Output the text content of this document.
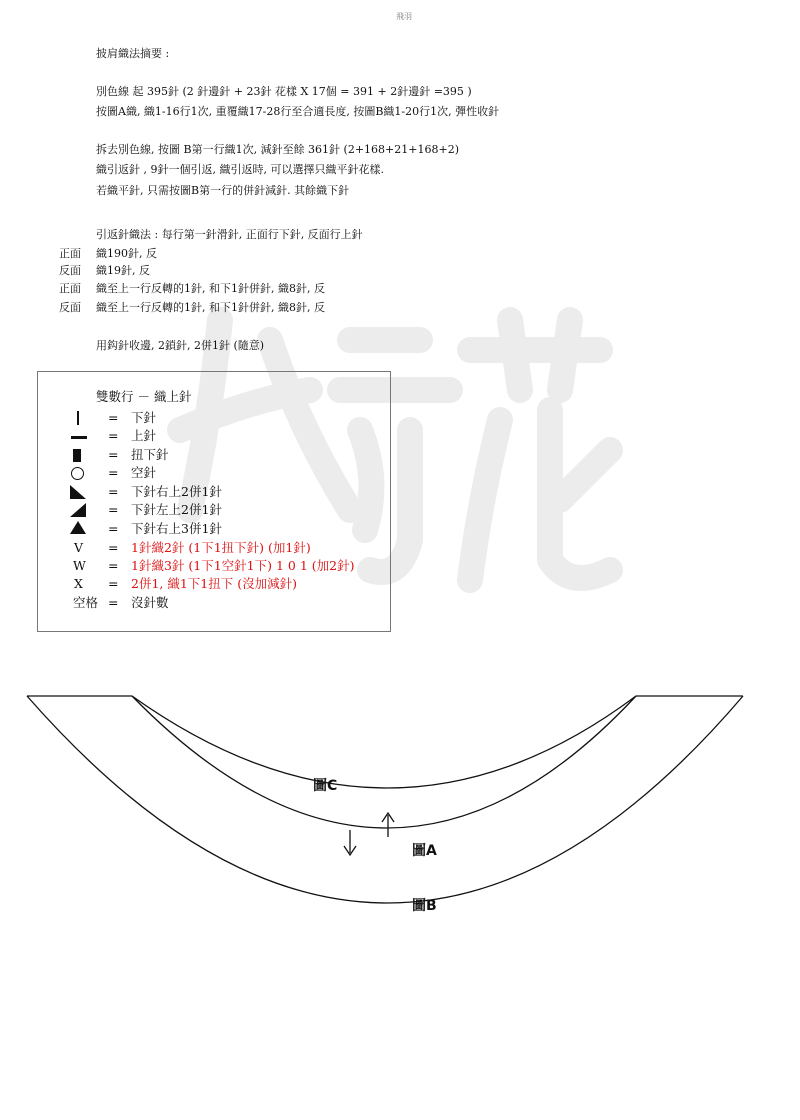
飛羽
披肩織法摘要 :
別色線 起 395針 (2 針邊針 + 23針 花樣 X 17個 = 391 + 2針邊針 =395 )
按圖A織, 織1-16行1次, 重覆織17-28行至合適長度, 按圖B織1-20行1次, 彈性收針
拆去別色線, 按圖 B第一行織1次, 減針至餘 361針 (2+168+21+168+2)
織引返針 , 9針一個引返, 織引返時, 可以選擇只織平針花樣.
若織平針, 只需按圖B第一行的併針減針. 其餘織下針
引返針織法 : 每行第一針滑針, 正面行下針, 反面行上針
正面 織190針, 反
反面 織19針, 反
正面 織至上一行反轉的1針, 和下1針併針, 織8針, 反
反面 織至上一行反轉的1針, 和下1針併針, 織8針, 反
用鈎針收邊, 2鎖針, 2併1針 (隨意)
雙數行 － 織上針
V
W
X
空格
= 下針
= 上針
= 扭下針
= 空針
= 下針右上2併1針
= 下針左上2併1針
= 下針右上3併1針
= 1針織2針 (1下1扭下針) (加1針)
= 1針織3針 (1下1空針1下) 1 0 1 (加2針)
= 2併1, 織1下1扭下 (沒加減針)
= 沒針數
圖C
圖A
圖B
